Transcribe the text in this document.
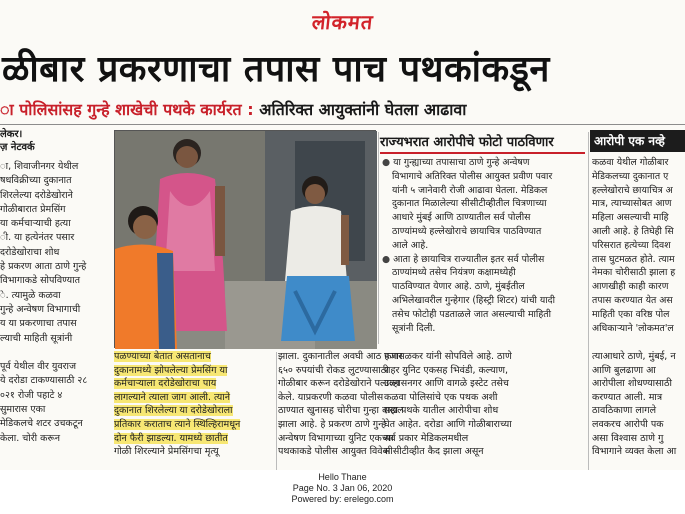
लोकमत
ळीबार प्रकरणाचा तपास पाच पथकांकडून
ा पोलिसांसह गुन्हे शाखेची पथके कार्यरत : अतिरिक्त आयुक्तांनी घेतला आढावा
लेकर।
ज़ नेटवर्क

ा, शिवाजीनगर येथील

षधविक्रीच्या दुकानात

शिरलेल्या दरोडेखोराने

गोळीबारात प्रेमसिंग

या कर्मचाऱ्याची हत्या

ी. या हत्येनंतर पसार

दरोडेखोराचा शोध

हे प्रकरण आता ठाणे गुन्हे

विभागाकडे सोपविण्यात

े. त्यामुळे कळवा

गुन्हे अन्वेषण विभागाची

य या प्रकरणाचा तपास

ल्याची माहिती सूत्रांनी

पूर्व येथील वीर युवराज

ये दरोडा टाकण्यासाठी २८

०२१ रोजी पहाटे ४

सुमारास एका

मेडिकलचे शटर उचकटून

केला. चोरी करून

राज्यभरात आरोपीचे फोटो पाठविणार
● या गुन्ह्याच्या तपासाचा ठाणे गुन्हे अन्वेषण
विभागाचे अतिरिक्त पोलीस आयुक्त प्रवीण पवार
यांनी ५ जानेवारी रोजी आढावा घेतला. मेडिकल
दुकानात मिळालेल्या सीसीटीव्हीतील चित्रणाच्या
आधारे मुंबई आणि ठाण्यातील सर्व पोलीस
ठाण्यांमध्ये हल्लेखोराचे छायाचित्र पाठविण्यात
आले आहे.
● आता हे छायाचित्र राज्यातील इतर सर्व पोलीस
ठाण्यांमध्ये तसेच नियंत्रण कक्षामध्येही
पाठविण्यात येणार आहे. ठाणे, मुंबईतील
अभिलेखावरील गुन्हेगार (हिस्ट्री शिटर) यांची यादी
तसेच फोटोही पडताळले जात असल्याची माहिती
सूत्रांनी दिली.
आरोपी एक नव्हे

कळवा येथील गोळीबार

मेडिकलच्या दुकानात ए

हल्लेखोराचे छायाचित्र अ

मात्र, त्याच्यासोबत आण

महिला असल्याची माहि

आली आहे. हे तिघेही सि

परिसरात हत्येच्या दिवश

तास घुटमळत होते. त्याम

नेमका चोरीसाठी झाला ह

आणखीही काही कारण

तपास करण्यात येत अस

माहिती एका वरिष्ठ पोल

अधिकाऱ्याने 'लोकमत'ल

पळण्याच्या बेतात असतानाच

दुकानामध्ये झोपलेल्या प्रेमसिंग या

कर्मचाऱ्याला दरोडेखोराचा पाय

लागल्याने त्याला जाग आली. त्याने

दुकानात शिरलेल्या या दरोडेखोराला

प्रतिकार कराताच त्याने स्थिल्हिरामधून

दोन फैरी झाडल्या. यामध्ये छातीत

गोळी शिरल्याने प्रेमसिंगचा मृत्यू

झाला. दुकानातील अवघी आठ हजार

६५० रुपयांची रोकड लुटण्यासाठी

गोळीबार करून दरोडेखोराने पलायन

केले. याप्रकरणी कळवा पोलीस

ठाण्यात खुनासह चोरीचा गुन्हा दाखल

झाला आहे. हे प्रकरण ठाणे गुन्हे

अन्वेषण विभागाच्या युनिट एकच्या

पथकाकडे पोलीस आयुक्त विवेक

फणसळकर यांनी सोपविले आहे. ठाणे

शहर युनिट एकसह भिवंडी, कल्याण,

उल्हासनगर आणि वागळे इस्टेट तसेच

कळवा पोलिसांचे एक पथक अशी

सहा पथके यातील आरोपीचा शोध

घेत आहेत. दरोडा आणि गोळीबाराच्या

सर्व प्रकार मेडिकलमधील

सीसीटीव्हीत कैद झाला असून

त्याआधारे ठाणे, मुंबई, न

आणि बुलढाणा आ

आरोपीला शोधण्यासाठी

करण्यात आली. मात्र

ठावठिकाणा लागले

लवकरच आरोपी पक

असा विश्वास ठाणे गु

विभागाने व्यक्त केला आ

Hello Thane
Page No. 3 Jan 06, 2020
Powered by: erelego.com
